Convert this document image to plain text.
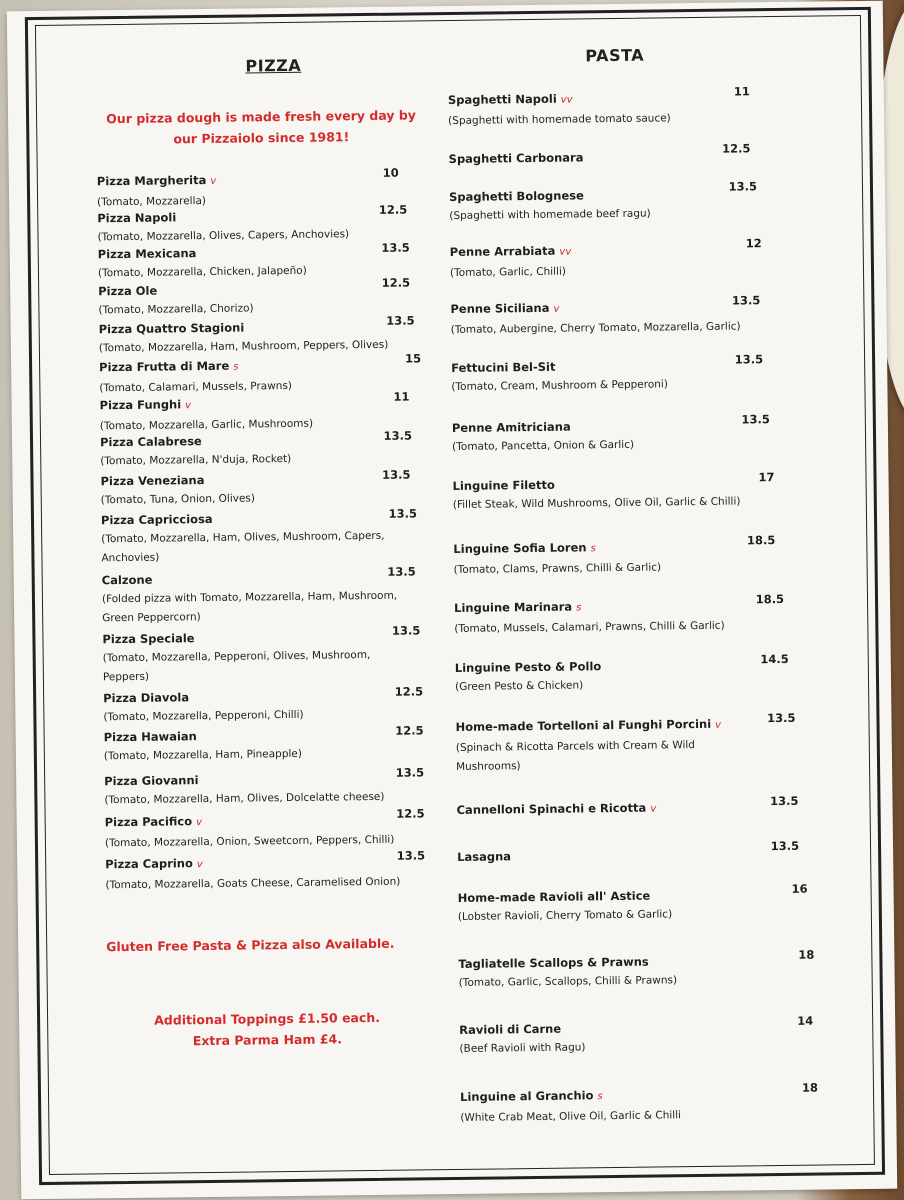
PIZZA
Our pizza dough is made fresh every day by
our Pizzaiolo since 1981!
Pizza Margherita v
(Tomato, Mozzarella)
10
Pizza Napoli
(Tomato, Mozzarella, Olives, Capers, Anchovies)
12.5
Pizza Mexicana
(Tomato, Mozzarella, Chicken, Jalapeño)
13.5
Pizza Ole
(Tomato, Mozzarella, Chorizo)
12.5
Pizza Quattro Stagioni
(Tomato, Mozzarella, Ham, Mushroom, Peppers, Olives)
13.5
Pizza Frutta di Mare s
(Tomato, Calamari, Mussels, Prawns)
15
Pizza Funghi v
(Tomato, Mozzarella, Garlic, Mushrooms)
11
Pizza Calabrese
(Tomato, Mozzarella, N'duja, Rocket)
13.5
Pizza Veneziana
(Tomato, Tuna, Onion, Olives)
13.5
Pizza Capricciosa
(Tomato, Mozzarella, Ham, Olives, Mushroom, Capers, Anchovies)
13.5
Calzone
(Folded pizza with Tomato, Mozzarella, Ham, Mushroom, Green Peppercorn)
13.5
Pizza Speciale
(Tomato, Mozzarella, Pepperoni, Olives, Mushroom, Peppers)
13.5
Pizza Diavola
(Tomato, Mozzarella, Pepperoni, Chilli)
12.5
Pizza Hawaian
(Tomato, Mozzarella, Ham, Pineapple)
12.5
Pizza Giovanni
(Tomato, Mozzarella, Ham, Olives, Dolcelatte cheese)
13.5
Pizza Pacifico v
(Tomato, Mozzarella, Onion, Sweetcorn, Peppers, Chilli)
12.5
Pizza Caprino v
(Tomato, Mozzarella, Goats Cheese, Caramelised Onion)
13.5
Gluten Free Pasta & Pizza also Available.
Additional Toppings £1.50 each.
Extra Parma Ham £4.
PASTA
Spaghetti Napoli vv
(Spaghetti with homemade tomato sauce)
11
Spaghetti Carbonara
12.5
Spaghetti Bolognese
(Spaghetti with homemade beef ragu)
13.5
Penne Arrabiata vv
(Tomato, Garlic, Chilli)
12
Penne Siciliana v
(Tomato, Aubergine, Cherry Tomato, Mozzarella, Garlic)
13.5
Fettucini Bel-Sit
(Tomato, Cream, Mushroom & Pepperoni)
13.5
Penne Amitriciana
(Tomato, Pancetta, Onion & Garlic)
13.5
Linguine Filetto
(Fillet Steak, Wild Mushrooms, Olive Oil, Garlic & Chilli)
17
Linguine Sofia Loren s
(Tomato, Clams, Prawns, Chilli & Garlic)
18.5
Linguine Marinara s
(Tomato, Mussels, Calamari, Prawns, Chilli & Garlic)
18.5
Linguine Pesto & Pollo
(Green Pesto & Chicken)
14.5
Home-made Tortelloni al Funghi Porcini v
(Spinach & Ricotta Parcels with Cream & Wild Mushrooms)
13.5
Cannelloni Spinachi e Ricotta v
13.5
Lasagna
13.5
Home-made Ravioli all' Astice
(Lobster Ravioli, Cherry Tomato & Garlic)
16
Tagliatelle Scallops & Prawns
(Tomato, Garlic, Scallops, Chilli & Prawns)
18
Ravioli di Carne
(Beef Ravioli with Ragu)
14
Linguine al Granchio s
(White Crab Meat, Olive Oil, Garlic & Chilli
18
